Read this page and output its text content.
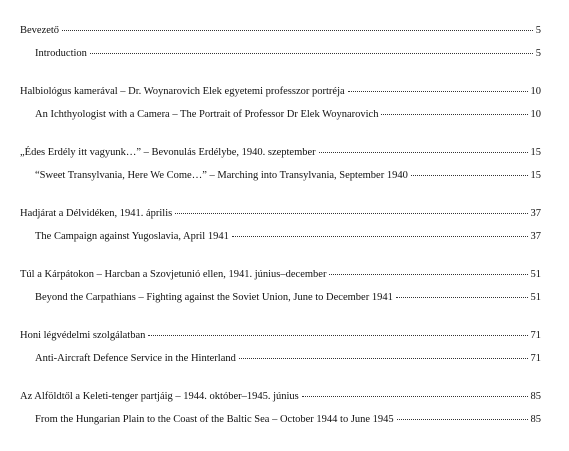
Bevezető	5
Introduction	5
Halbiológus kamerával – Dr. Woynarovich Elek egyetemi professzor portréja	10
An Ichthyologist with a Camera – The Portrait of Professor Dr Elek Woynarovich	10
„Édes Erdély itt vagyunk…” – Bevonulás Erdélybe, 1940. szeptember	15
“Sweet Transylvania, Here We Come…” – Marching into Transylvania, September 1940	15
Hadjárat a Délvidéken, 1941. április	37
The Campaign against Yugoslavia, April 1941	37
Túl a Kárpátokon – Harcban a Szovjetunió ellen, 1941. június–december	51
Beyond the Carpathians – Fighting against the Soviet Union, June to December 1941	51
Honi légvédelmi szolgálatban	71
Anti-Aircraft Defence Service in the Hinterland	71
Az Alföldtől a Keleti-tenger partjáig – 1944. október–1945. június	85
From the Hungarian Plain to the Coast of the Baltic Sea – October 1944 to June 1945	85
